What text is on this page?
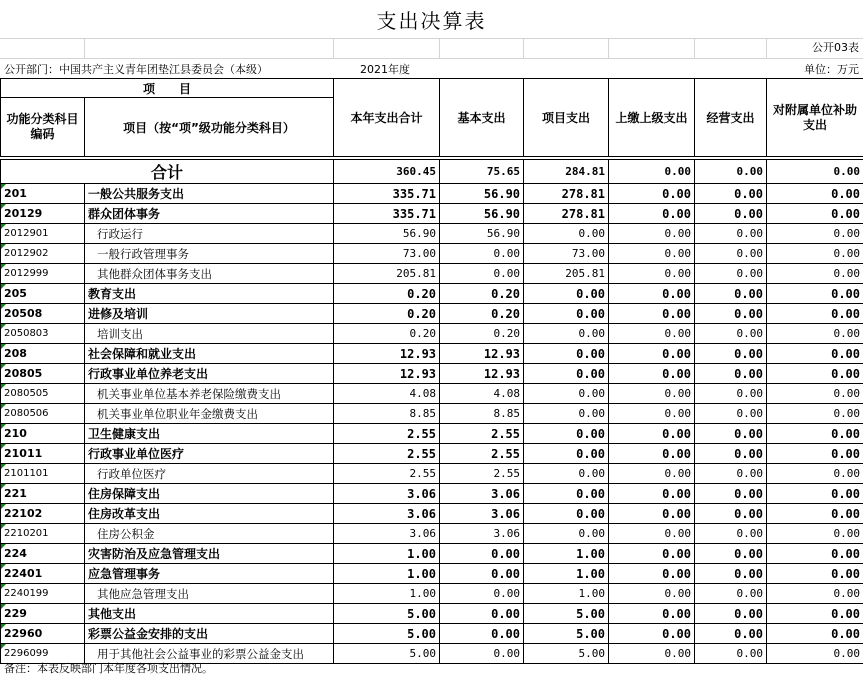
支出决算表
公开03表
公开部门：中国共产主义青年团垫江县委员会（本级）	2021年度	单位：万元
项　　目		本年支出合计	基本支出	项目支出	上缴上级支出	经营支出	对附属单位补助支出
功能分类科目编码	项目（按“项”级功能分类科目）						

合计		360.45	75.65	284.81	0.00	0.00	0.00
201	一般公共服务支出	335.71	56.90	278.81	0.00	0.00	0.00
20129	群众团体事务	335.71	56.90	278.81	0.00	0.00	0.00
2012901	行政运行	56.90	56.90	0.00	0.00	0.00	0.00
2012902	一般行政管理事务	73.00	0.00	73.00	0.00	0.00	0.00
2012999	其他群众团体事务支出	205.81	0.00	205.81	0.00	0.00	0.00
205	教育支出	0.20	0.20	0.00	0.00	0.00	0.00
20508	进修及培训	0.20	0.20	0.00	0.00	0.00	0.00
2050803	培训支出	0.20	0.20	0.00	0.00	0.00	0.00
208	社会保障和就业支出	12.93	12.93	0.00	0.00	0.00	0.00
20805	行政事业单位养老支出	12.93	12.93	0.00	0.00	0.00	0.00
2080505	机关事业单位基本养老保险缴费支出	4.08	4.08	0.00	0.00	0.00	0.00
2080506	机关事业单位职业年金缴费支出	8.85	8.85	0.00	0.00	0.00	0.00
210	卫生健康支出	2.55	2.55	0.00	0.00	0.00	0.00
21011	行政事业单位医疗	2.55	2.55	0.00	0.00	0.00	0.00
2101101	行政单位医疗	2.55	2.55	0.00	0.00	0.00	0.00
221	住房保障支出	3.06	3.06	0.00	0.00	0.00	0.00
22102	住房改革支出	3.06	3.06	0.00	0.00	0.00	0.00
2210201	住房公积金	3.06	3.06	0.00	0.00	0.00	0.00
224	灾害防治及应急管理支出	1.00	0.00	1.00	0.00	0.00	0.00
22401	应急管理事务	1.00	0.00	1.00	0.00	0.00	0.00
2240199	其他应急管理支出	1.00	0.00	1.00	0.00	0.00	0.00
229	其他支出	5.00	0.00	5.00	0.00	0.00	0.00
22960	彩票公益金安排的支出	5.00	0.00	5.00	0.00	0.00	0.00
2296099	用于其他社会公益事业的彩票公益金支出	5.00	0.00	5.00	0.00	0.00	0.00
备注：本表反映部门本年度各项支出情况。
